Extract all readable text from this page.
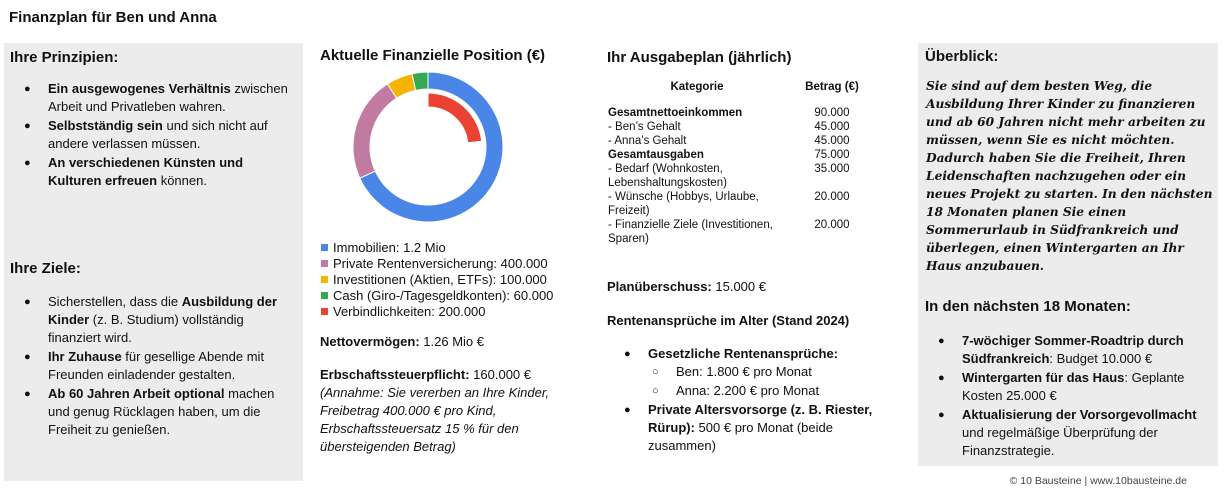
Finanzplan für Ben und Anna
Ihre Prinzipien:
● Ein ausgewogenes Verhältnis zwischen Arbeit und Privatleben wahren.
● Selbstständig sein und sich nicht auf andere verlassen müssen.
● An verschiedenen Künsten und Kulturen erfreuen können.
Ihre Ziele:
● Sicherstellen, dass die Ausbildung der Kinder (z. B. Studium) vollständig finanziert wird.
● Ihr Zuhause für gesellige Abende mit Freunden einladender gestalten.
● Ab 60 Jahren Arbeit optional machen und genug Rücklagen haben, um die Freiheit zu genießen.
Aktuelle Finanzielle Position (€)
Immobilien: 1.2 Mio
Private Rentenversicherung: 400.000
Investitionen (Aktien, ETFs): 100.000
Cash (Giro-/Tagesgeldkonten): 60.000
Verbindlichkeiten: 200.000
Nettovermögen: 1.26 Mio €
Erbschaftssteuerpflicht: 160.000 €
(Annahme: Sie vererben an Ihre Kinder, Freibetrag 400.000 € pro Kind, Erbschaftssteuersatz 15 % für den übersteigenden Betrag)
Ihr Ausgabeplan (jährlich)
Kategorie	Betrag (€)
Gesamtnettoeinkommen	90.000
- Ben’s Gehalt	45.000
- Anna’s Gehalt	45.000
Gesamtausgaben	75.000
- Bedarf (Wohnkosten, Lebenshaltungskosten)	35.000
- Wünsche (Hobbys, Urlaube, Freizeit)	20.000
- Finanzielle Ziele (Investitionen, Sparen)	20.000
Planüberschuss: 15.000 €
Rentenansprüche im Alter (Stand 2024)
● Gesetzliche Rentenansprüche:
○ Ben: 1.800 € pro Monat
○ Anna: 2.200 € pro Monat
● Private Altersvorsorge (z. B. Riester, Rürup): 500 € pro Monat (beide zusammen)
Überblick:
Sie sind auf dem besten Weg, die Ausbildung Ihrer Kinder zu finanzieren und ab 60 Jahren nicht mehr arbeiten zu müssen, wenn Sie es nicht möchten. Dadurch haben Sie die Freiheit, Ihren Leidenschaften nachzugehen oder ein neues Projekt zu starten. In den nächsten 18 Monaten planen Sie einen Sommerurlaub in Südfrankreich und überlegen, einen Wintergarten an Ihr Haus anzubauen.
In den nächsten 18 Monaten:
● 7-wöchiger Sommer-Roadtrip durch Südfrankreich: Budget 10.000 €
● Wintergarten für das Haus: Geplante Kosten 25.000 €
● Aktualisierung der Vorsorgevollmacht und regelmäßige Überprüfung der Finanzstrategie.
© 10 Bausteine | www.10bausteine.de
